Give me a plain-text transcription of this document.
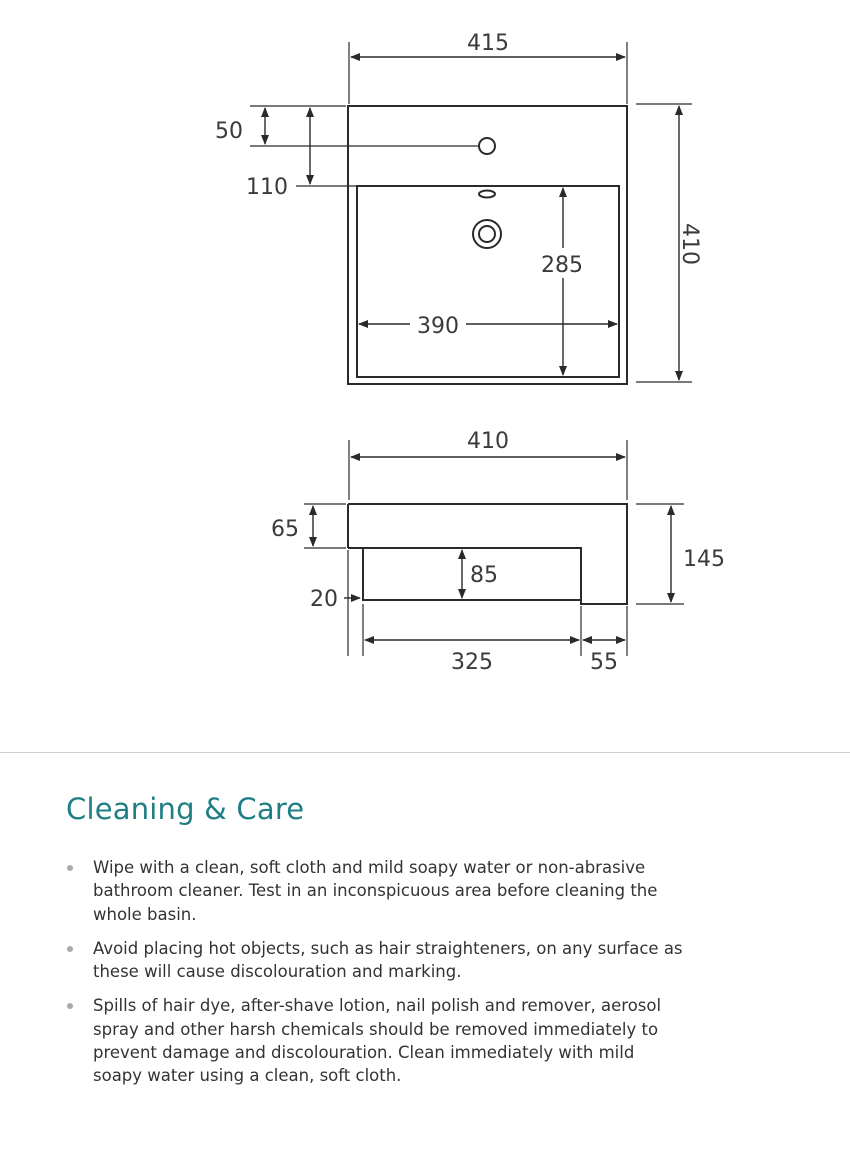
415
50
110
410
285
390
410
65
85
145
20
325	55
Cleaning & Care
Wipe with a clean, soft cloth and mild soapy water or non-abrasive bathroom cleaner. Test in an inconspicuous area before cleaning the whole basin.
Avoid placing hot objects, such as hair straighteners, on any surface as these will cause discolouration and marking.
Spills of hair dye, after-shave lotion, nail polish and remover, aerosol spray and other harsh chemicals should be removed immediately to prevent damage and discolouration. Clean immediately with mild soapy water using a clean, soft cloth.
